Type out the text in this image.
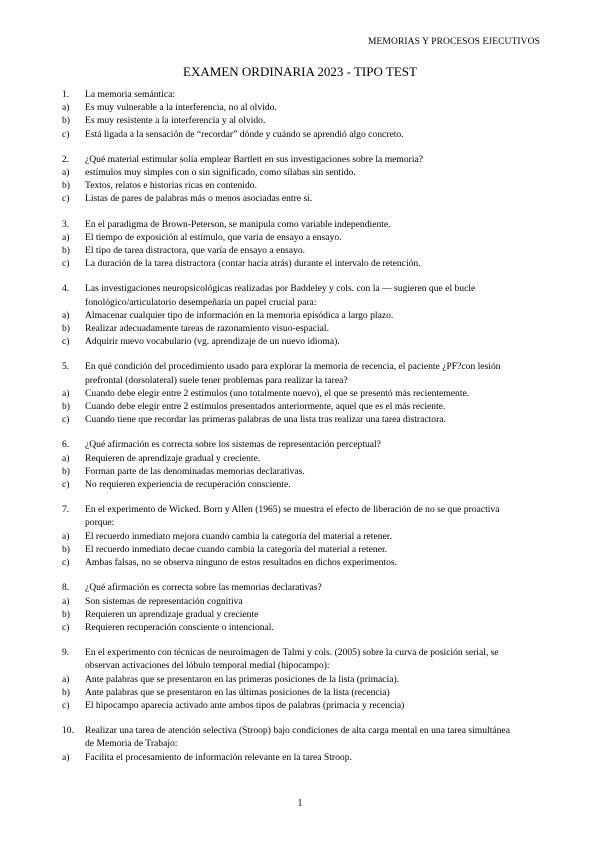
MEMORIAS Y PROCESOS EJECUTIVOS
EXAMEN ORDINARIA 2023 - TIPO TEST
1.	La memoria semántica:
a)	Es muy vulnerable a la interferencia, no al olvido.
b)	Es muy resistente a la interferencia y al olvido.
c)	Está ligada a la sensación de “recordar” dónde y cuándo se aprendió algo concreto.
2.	¿Qué material estimular solía emplear Bartlett en sus investigaciones sobre la memoria?
a)	estímulos muy simples con o sin significado, como sílabas sin sentido.
b)	Textos, relatos e historias ricas en contenido.
c)	Listas de pares de palabras más o menos asociadas entre sí.
3.	En el paradigma de Brown-Peterson, se manipula como variable independiente.
a)	El tiempo de exposición al estímulo, que varía de ensayo a ensayo.
b)	El tipo de tarea distractora, que varía de ensayo a ensayo.
c)	La duración de la tarea distractora (contar hacia atrás) durante el intervalo de retención.
4.	Las investigaciones neuropsicológicas realizadas por Baddeley y cols. con la — sugieren que el bucle
fonológico/articulatorio desempeñaría un papel crucial para:
a)	Almacenar cualquier tipo de información en la memoria episódica a largo plazo.
b)	Realizar adecuadamente tareas de razonamiento visuo-espacial.
c)	Adquirir nuevo vocabulario (vg. aprendizaje de un nuevo idioma).
5.	En qué condición del procedimiento usado para explorar la memoria de recencia, el paciente ¿PF?con lesión
prefrontal (dorsolateral) suele tener problemas para realizar la tarea?
a)	Cuando debe elegir entre 2 estímulos (uno totalmente nuevo), el que se presentó más recientemente.
b)	Cuando debe elegir entre 2 estímulos presentados anteriormente, aquel que es el más reciente.
c)	Cuando tiene que recordar las primeras palabras de una lista tras realizar una tarea distractora.
6.	¿Qué afirmación es correcta sobre los sistemas de representación perceptual?
a)	Requieren de aprendizaje gradual y creciente.
b)	Forman parte de las denominadas memorias declarativas.
c)	No requieren experiencia de recuperación consciente.
7.	En el experimento de Wicked. Born y Allen (1965) se muestra el efecto de liberación de no se que proactiva
porque:
a)	El recuerdo inmediato mejora cuando cambia la categoría del material a retener.
b)	El recuerdo inmediato decae cuando cambia la categoría del material a retener.
c)	Ambas falsas, no se observa ninguno de estos resultados en dichos experimentos.
8.	¿Qué afirmación es correcta sobre las memorias declarativas?
a)	Son sistemas de representación cognitiva
b)	Requieren un aprendizaje gradual y creciente
c)	Requieren recuperación consciente o intencional.
9.	En el experimento con técnicas de neuroimagen de Talmi y cols. (2005) sobre la curva de posición serial, se
observan activaciones del lóbulo temporal medial (hipocampo):
a)	Ante palabras que se presentaron en las primeras posiciones de la lista (primacía).
b)	Ante palabras que se presentaron en las últimas posiciones de la lista (recencia)
c)	El hipocampo aparecía activado ante ambos tipos de palabras (primacía y recencia)
10.	Realizar una tarea de atención selectiva (Stroop) bajo condiciones de alta carga mental en una tarea simultánea
de Memoria de Trabajo:
a)	Facilita el procesamiento de información relevante en la tarea Stroop.
1
